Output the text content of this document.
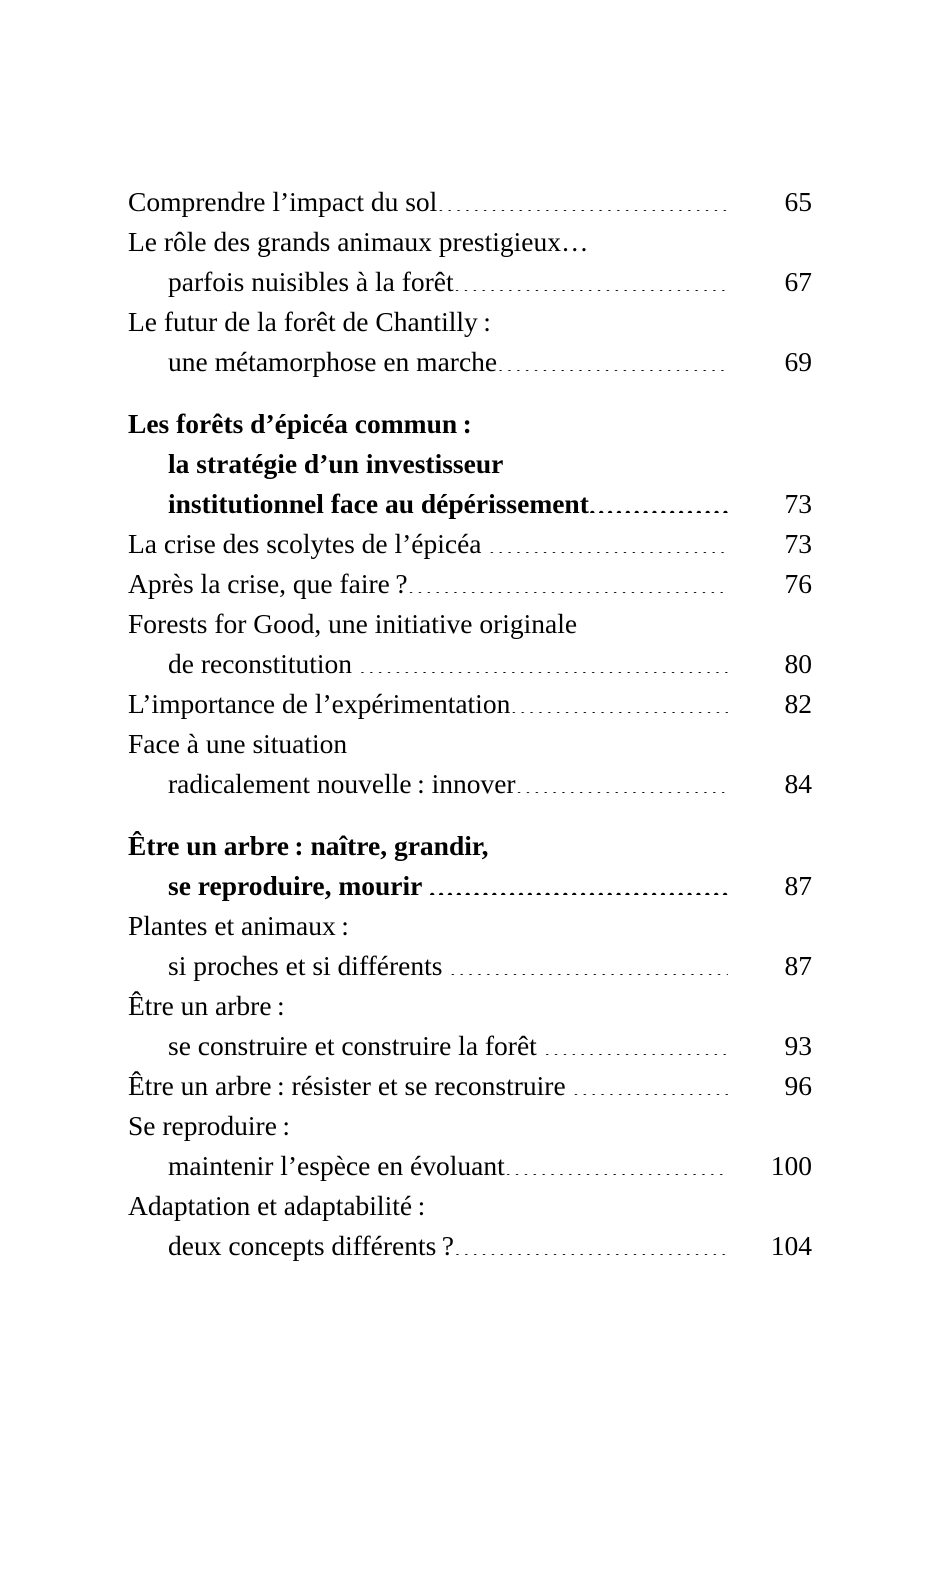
Comprendre l’impact du sol .....	65
Le rôle des grands animaux prestigieux…
parfois nuisibles à la forêt .....	67
Le futur de la forêt de Chantilly :
une métamorphose en marche .....	69
Les forêts d’épicéa commun :
la stratégie d’un investisseur
institutionnel face au dépérissement .....	73
La crise des scolytes de l’épicéa .....	73
Après la crise, que faire ? .....	76
Forests for Good, une initiative originale
de reconstitution .....	80
L’importance de l’expérimentation .....	82
Face à une situation
radicalement nouvelle : innover .....	84
Être un arbre : naître, grandir,
se reproduire, mourir .....	87
Plantes et animaux :
si proches et si différents .....	87
Être un arbre :
se construire et construire la forêt .....	93
Être un arbre : résister et se reconstruire .....	96
Se reproduire :
maintenir l’espèce en évoluant .....	100
Adaptation et adaptabilité :
deux concepts différents ? .....	104
